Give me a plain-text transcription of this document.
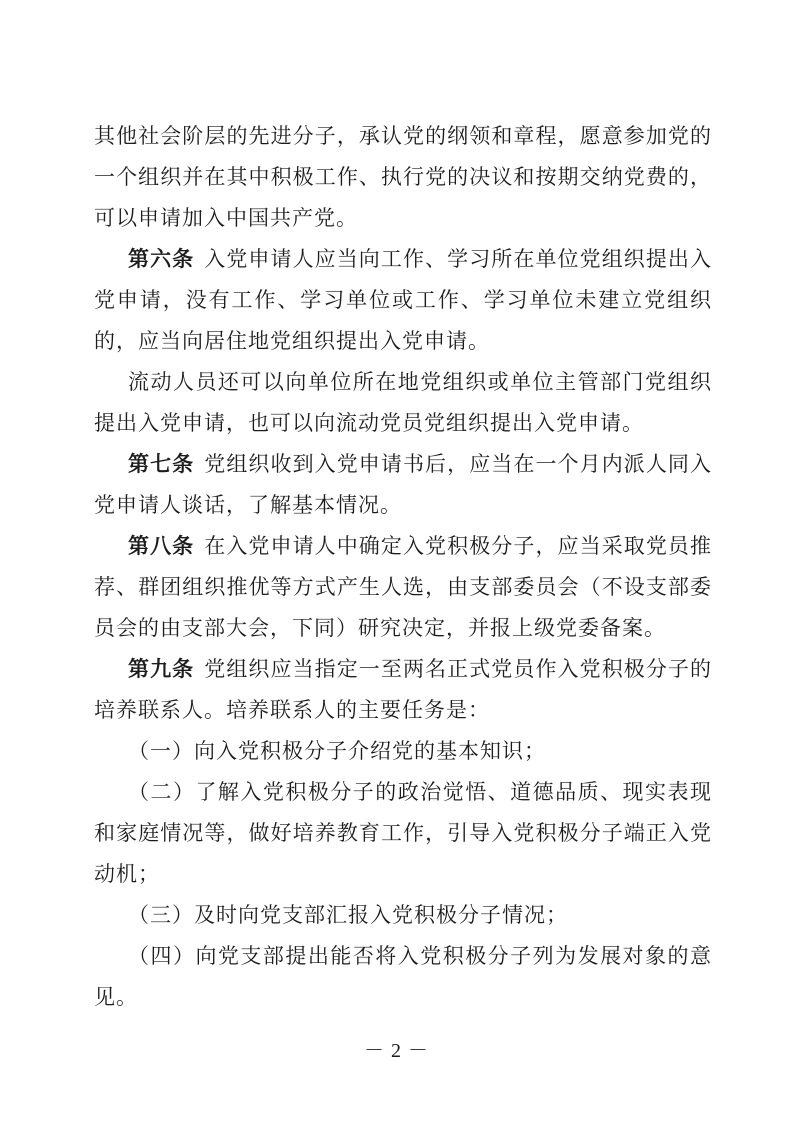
其他社会阶层的先进分子，承认党的纲领和章程，愿意参加党的一个组织并在其中积极工作、执行党的决议和按期交纳党费的，可以申请加入中国共产党。

第六条 入党申请人应当向工作、学习所在单位党组织提出入党申请，没有工作、学习单位或工作、学习单位未建立党组织的，应当向居住地党组织提出入党申请。

流动人员还可以向单位所在地党组织或单位主管部门党组织提出入党申请，也可以向流动党员党组织提出入党申请。

第七条 党组织收到入党申请书后，应当在一个月内派人同入党申请人谈话，了解基本情况。

第八条 在入党申请人中确定入党积极分子，应当采取党员推荐、群团组织推优等方式产生人选，由支部委员会（不设支部委员会的由支部大会，下同）研究决定，并报上级党委备案。

第九条 党组织应当指定一至两名正式党员作入党积极分子的培养联系人。培养联系人的主要任务是：

（一）向入党积极分子介绍党的基本知识；

（二）了解入党积极分子的政治觉悟、道德品质、现实表现和家庭情况等，做好培养教育工作，引导入党积极分子端正入党动机；

（三）及时向党支部汇报入党积极分子情况；

（四）向党支部提出能否将入党积极分子列为发展对象的意见。

－ 2 －
